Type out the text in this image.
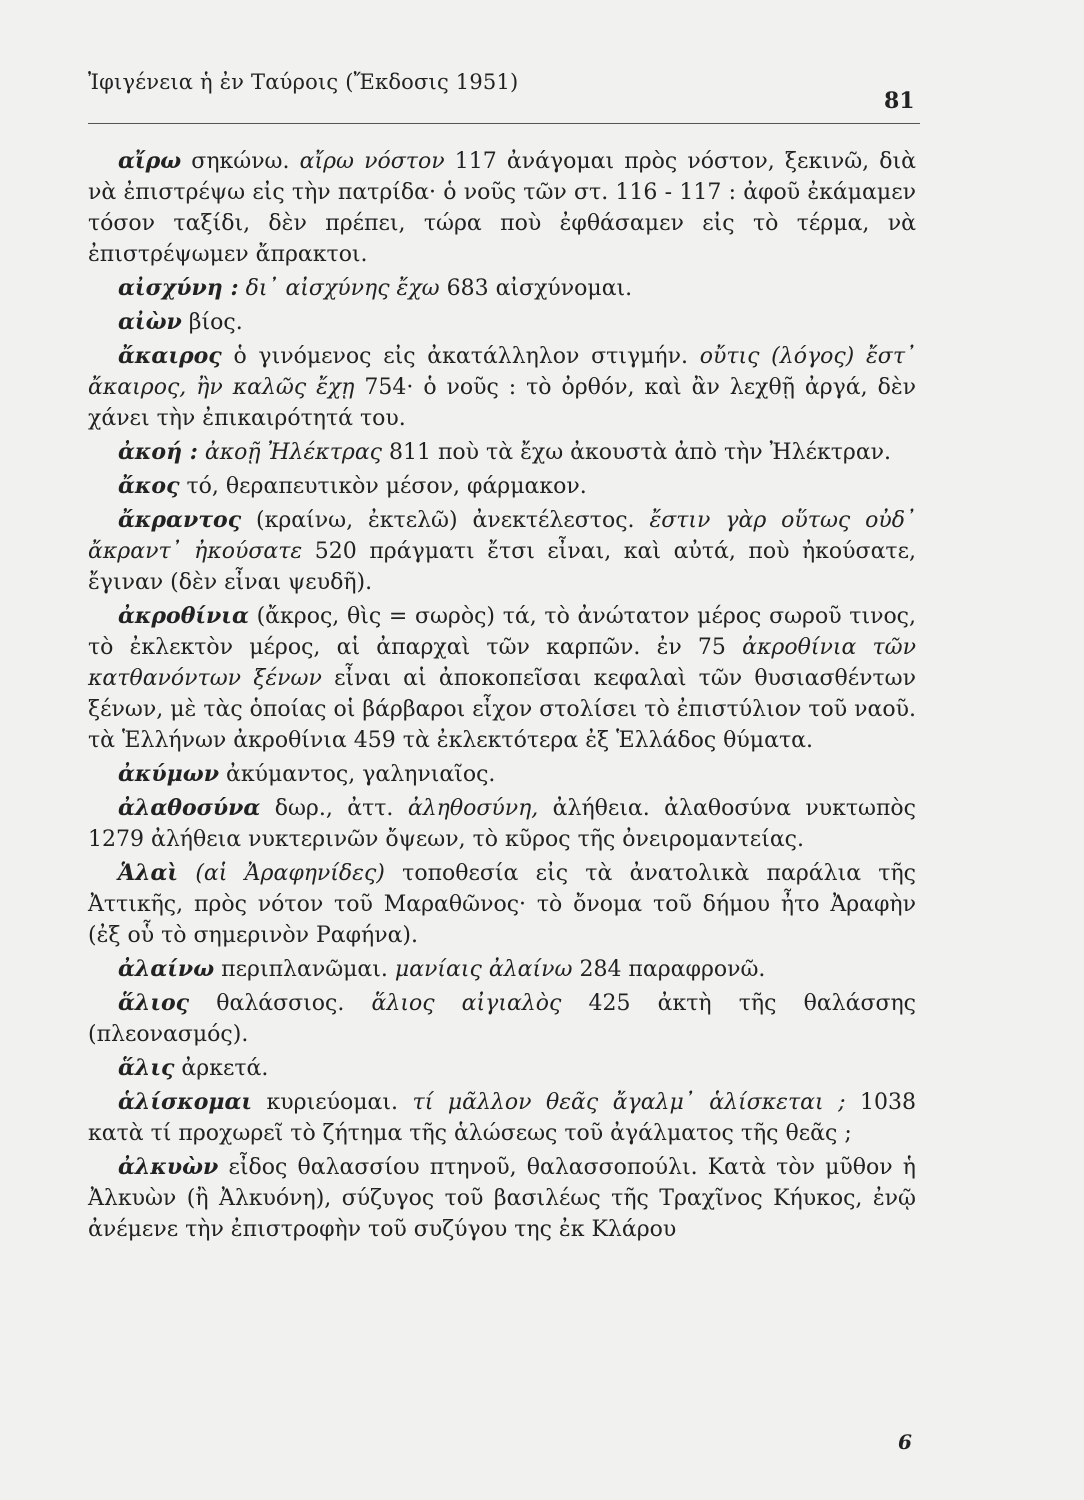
Ἰφιγένεια ἡ ἐν Ταύροις (Ἔκδοσις 1951)
81

αἴρω σηκώνω. αἴρω νόστον 117 ἀνάγομαι πρὸς νόστον, ξεκινῶ, διὰ νὰ ἐπιστρέψω εἰς τὴν πατρίδα· ὁ νοῦς τῶν στ. 116 - 117 : ἀφοῦ ἐκάμαμεν τόσον ταξίδι, δὲν πρέπει, τώρα ποὺ ἐφθάσαμεν εἰς τὸ τέρμα, νὰ ἐπιστρέψωμεν ἄπρακτοι.

αἰσχύνη : δι᾽ αἰσχύνης ἔχω 683 αἰσχύνομαι.

αἰὼν βίος.

ἄκαιρος ὁ γινόμενος εἰς ἀκατάλληλον στιγμήν. οὔτις (λόγος) ἔστ᾽ ἄκαιρος, ἢν καλῶς ἔχῃ 754· ὁ νοῦς : τὸ ὀρθόν, καὶ ἂν λεχθῇ ἀργά, δὲν χάνει τὴν ἐπικαιρότητά του.

ἀκοή : ἀκοῇ Ἠλέκτρας 811 ποὺ τὰ ἔχω ἀκουστὰ ἀπὸ τὴν Ἠλέκτραν.

ἄκος τό, θεραπευτικὸν μέσον, φάρμακον.

ἄκραντος (κραίνω, ἐκτελῶ) ἀνεκτέλεστος. ἔστιν γὰρ οὕτως οὐδ᾽ ἄκραντ᾽ ἠκούσατε 520 πράγματι ἔτσι εἶναι, καὶ αὐτά, ποὺ ἠκούσατε, ἔγιναν (δὲν εἶναι ψευδῆ).

ἀκροθίνια (ἄκρος, θὶς = σωρὸς) τά, τὸ ἀνώτατον μέρος σωροῦ τινος, τὸ ἐκλεκτὸν μέρος, αἱ ἀπαρχαὶ τῶν καρπῶν. ἐν 75 ἀκροθίνια τῶν κατθανόντων ξένων εἶναι αἱ ἀποκοπεῖσαι κεφαλαὶ τῶν θυσιασθέντων ξένων, μὲ τὰς ὁποίας οἱ βάρβαροι εἶχον στολίσει τὸ ἐπιστύλιον τοῦ ναοῦ. τὰ Ἑλλήνων ἀκροθίνια 459 τὰ ἐκλεκτότερα ἐξ Ἑλλάδος θύματα.

ἀκύμων ἀκύμαντος, γαληνιαῖος.

ἀλαθοσύνα δωρ., ἀττ. ἀληθοσύνη, ἀλήθεια. ἀλαθοσύνα νυκτωπὸς 1279 ἀλήθεια νυκτερινῶν ὄψεων, τὸ κῦρος τῆς ὀνειρομαντείας.

Ἁλαὶ (αἱ Ἀραφηνίδες) τοποθεσία εἰς τὰ ἀνατολικὰ παράλια τῆς Ἀττικῆς, πρὸς νότον τοῦ Μαραθῶνος· τὸ ὄνομα τοῦ δήμου ἦτο Ἀραφὴν (ἐξ οὗ τὸ σημερινὸν Ραφήνα).

ἀλαίνω περιπλανῶμαι. μανίαις ἀλαίνω 284 παραφρονῶ.

ἅλιος θαλάσσιος. ἅλιος αἰγιαλὸς 425 ἀκτὴ τῆς θαλάσσης (πλεονασμός).

ἅλις ἀρκετά.

ἁλίσκομαι κυριεύομαι. τί μᾶλλον θεᾶς ἄγαλμ᾽ ἁλίσκεται ; 1038 κατὰ τί προχωρεῖ τὸ ζήτημα τῆς ἁλώσεως τοῦ ἀγάλματος τῆς θεᾶς ;

ἀλκυὼν εἶδος θαλασσίου πτηνοῦ, θαλασσοπούλι. Κατὰ τὸν μῦθον ἡ Ἀλκυὼν (ἢ Ἀλκυόνη), σύζυγος τοῦ βασιλέως τῆς Τραχῖνος Κήυκος, ἐνῷ ἀνέμενε τὴν ἐπιστροφὴν τοῦ συζύγου της ἐκ Κλάρου

6
